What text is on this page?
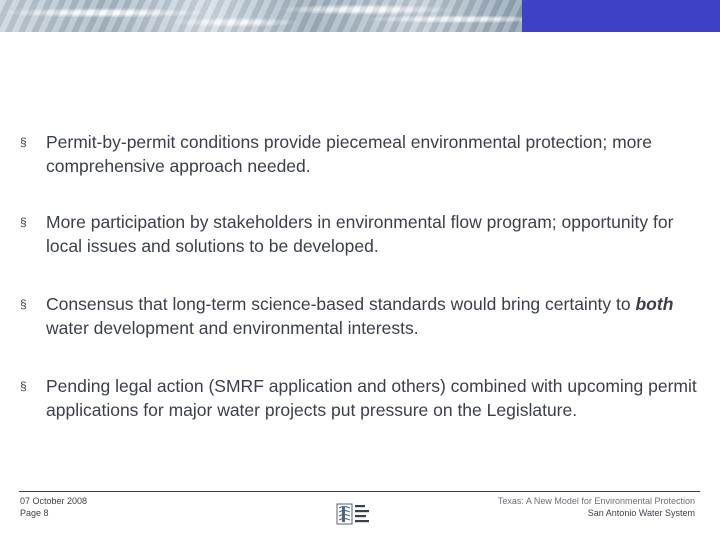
§	Permit-by-permit conditions provide piecemeal environmental protection; more comprehensive approach needed.
§	More participation by stakeholders in environmental flow program; opportunity for local issues and solutions to be developed.
§	Consensus that long-term science-based standards would bring certainty to both water development and environmental interests.
§	Pending legal action (SMRF application and others) combined with upcoming permit applications for major water projects put pressure on the Legislature.
07 October 2008
Page 8
Texas: A New Model for Environmental Protection
San Antonio Water System
